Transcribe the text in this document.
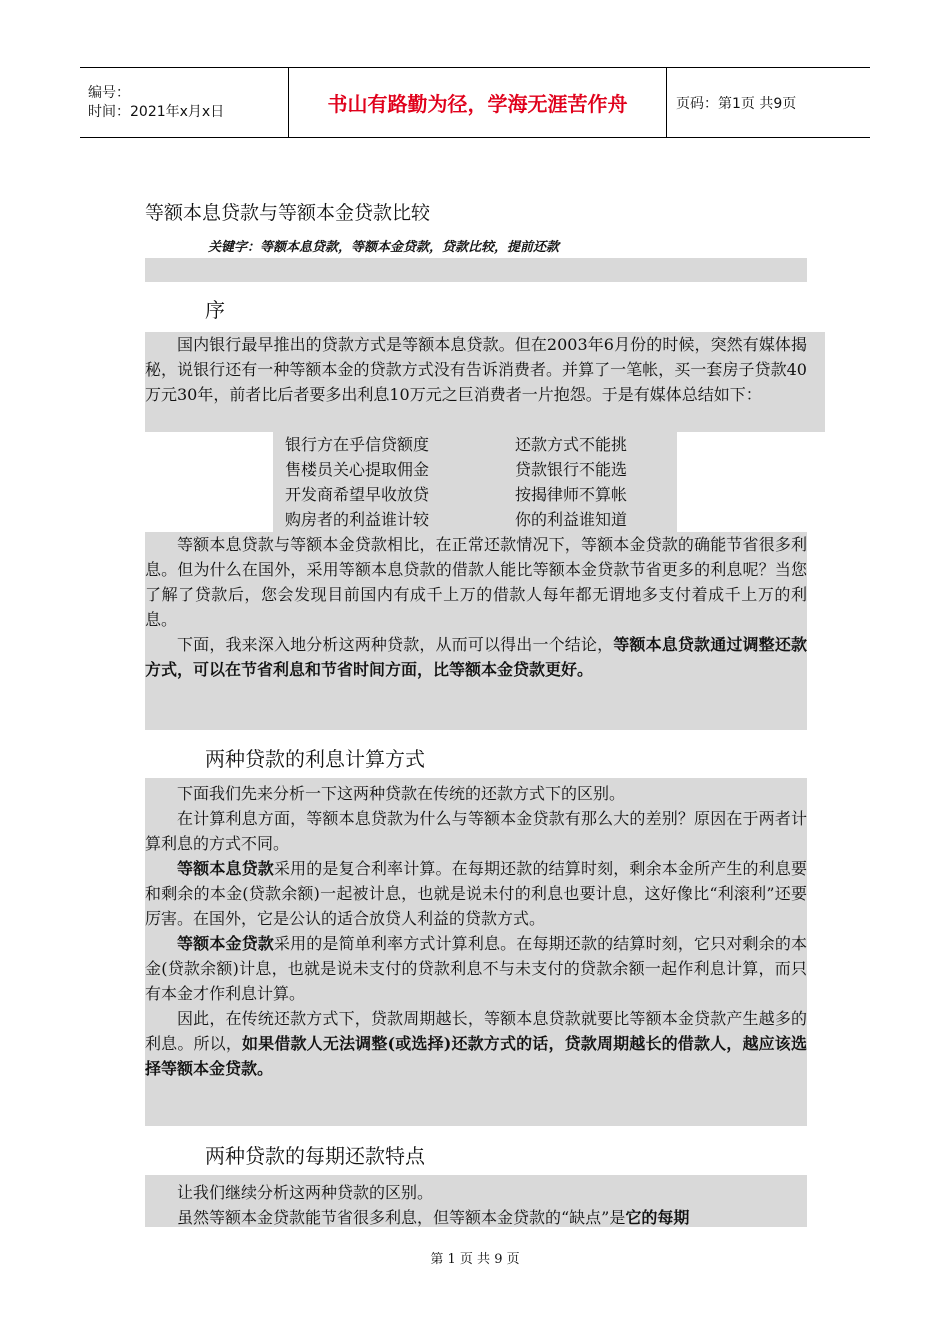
编号：
时间：2021年x月x日	书山有路勤为径，学海无涯苦作舟	页码：第1页 共9页
等额本息贷款与等额本金贷款比较
关键字：等额本息贷款，等额本金贷款，贷款比较，提前还款
序

国内银行最早推出的贷款方式是等额本息贷款。但在2003年6月份的时候，突然有媒体揭秘，说银行还有一种等额本金的贷款方式没有告诉消费者。并算了一笔帐，买一套房子贷款40万元30年，前者比后者要多出利息10万元之巨消费者一片抱怨。于是有媒体总结如下：

银行方在乎信贷额度	还款方式不能挑
售楼员关心提取佣金	贷款银行不能选
开发商希望早收放贷	按揭律师不算帐
购房者的利益谁计较	你的利益谁知道

等额本息贷款与等额本金贷款相比，在正常还款情况下，等额本金贷款的确能节省很多利息。但为什么在国外，采用等额本息贷款的借款人能比等额本金贷款节省更多的利息呢？当您了解了贷款后，您会发现目前国内有成千上万的借款人每年都无谓地多支付着成千上万的利息。

下面，我来深入地分析这两种贷款，从而可以得出一个结论，等额本息贷款通过调整还款方式，可以在节省利息和节省时间方面，比等额本金贷款更好。

两种贷款的利息计算方式

下面我们先来分析一下这两种贷款在传统的还款方式下的区别。

在计算利息方面，等额本息贷款为什么与等额本金贷款有那么大的差别？原因在于两者计算利息的方式不同。

等额本息贷款采用的是复合利率计算。在每期还款的结算时刻，剩余本金所产生的利息要和剩余的本金(贷款余额)一起被计息，也就是说未付的利息也要计息，这好像比“利滚利”还要厉害。在国外，它是公认的适合放贷人利益的贷款方式。

等额本金贷款采用的是简单利率方式计算利息。在每期还款的结算时刻，它只对剩余的本金(贷款余额)计息，也就是说未支付的贷款利息不与未支付的贷款余额一起作利息计算，而只有本金才作利息计算。

因此，在传统还款方式下，贷款周期越长，等额本息贷款就要比等额本金贷款产生越多的利息。所以，如果借款人无法调整(或选择)还款方式的话，贷款周期越长的借款人，越应该选择等额本金贷款。

两种贷款的每期还款特点

让我们继续分析这两种贷款的区别。

虽然等额本金贷款能节省很多利息，但等额本金贷款的“缺点”是它的每期

第 1 页 共 9 页
